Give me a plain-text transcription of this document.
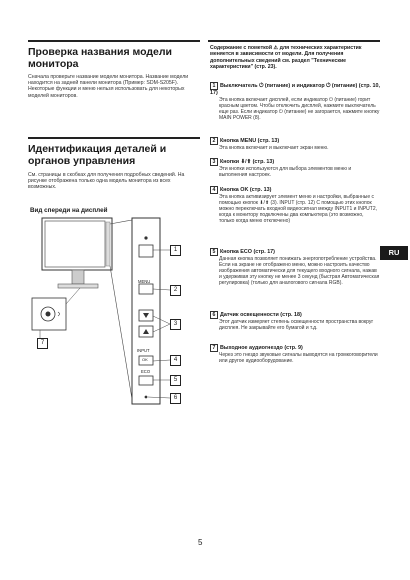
Проверка названия модели монитора
Сначала проверьте название модели монитора. Название модели находится на задней панели монитора (Пример: SDM-S205F). Некоторые функции и меню нельзя использовать для некоторых моделей мониторов.
Идентификация деталей и органов управления
См. страницы в скобках для получения подробных сведений. На рисунке отображена только одна модель монитора из всех возможных.
Вид спереди на дисплей
MENU
INPUT
OK
ECO
1
2
3
4
5
6
7
Содержание с пометкой ⚠ для технических характеристик меняется в зависимости от модели. Для получения дополнительных сведений см. раздел "Технические характеристики" (стр. 23).
1 Выключатель ⏻ (питание) и индикатор ⏻ (питание) (стр. 10, 17)
Эта кнопка включает дисплей, если индикатор ⏻ (питание) горит красным цветом. Чтобы отключить дисплей, нажмите выключатель еще раз. Если индикатор ⏻ (питание) не загорается, нажмите кнопку MAIN POWER (8).
2 Кнопка MENU (стр. 13)
Эта кнопка включает и выключает экран меню.
3 Кнопки ⬇/⬆ (стр. 13)
Эти кнопки используются для выбора элементов меню и выполнения настроек.
4 Кнопка OK (стр. 13)
Эта кнопка активизирует элемент меню и настройки, выбранные с помощью кнопок ⬇/⬆ (3). INPUT (стр. 12) С помощью этих кнопок можно переключать входной видеосигнал между INPUT1 и INPUT2, когда к монитору подключены два компьютера (это возможно, только когда меню отключено)
5 Кнопка ECO (стр. 17)
Данная кнопка позволяет понижать энергопотребление устройства. Если на экране не отображено меню, можно настроить качество изображения автоматически для текущего входного сигнала, нажав и удерживая эту кнопку не менее 3 секунд (быстрая Автоматическая регулировка) (только для аналогового сигнала RGB).
6 Датчик освещенности (стр. 18)
Этот датчик измеряет степень освещенности пространства вокруг дисплея. Не закрывайте его бумагой и т.д.
7 Выходное аудиогнездо (стр. 9)
Через это гнездо звуковые сигналы выводятся на громкоговорители или другое аудиооборудование.
RU
5
